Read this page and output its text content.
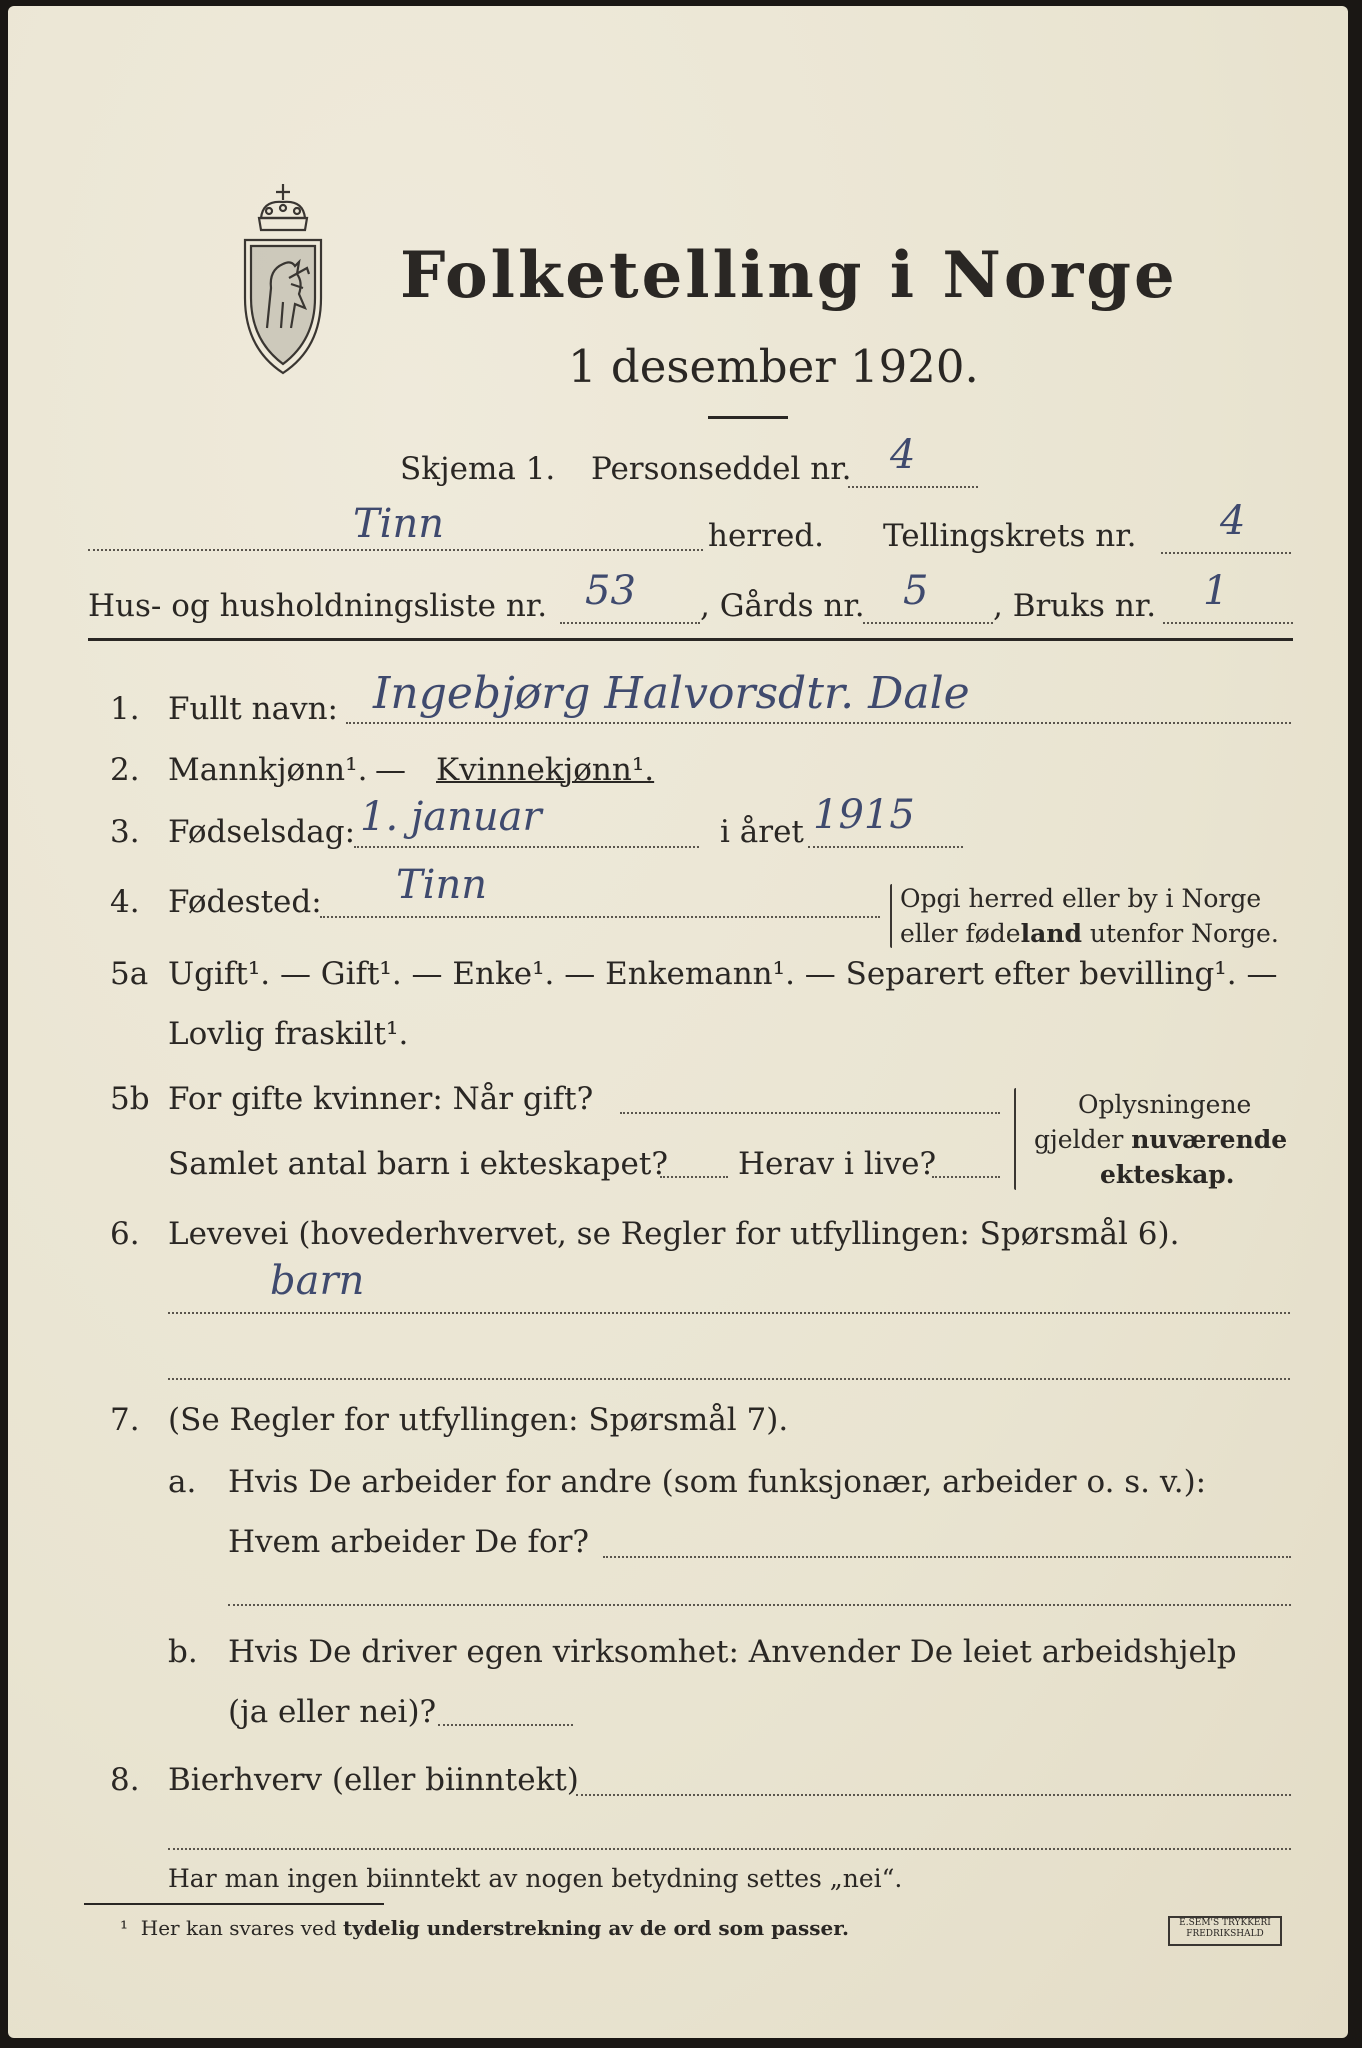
Folketelling i Norge
1 desember 1920.
Skjema 1. Personseddel nr. 4
Tinn	herred. Tellingskrets nr. 4
Hus- og husholdningsliste nr. 53 , Gårds nr. 5 , Bruks nr. 1
1. Fullt navn: Ingebjørg Halvorsdtr. Dale
2. Mannkjønn¹. — Kvinnekjønn¹.
3. Fødselsdag: 1. januar	i året 1915
4. Fødested: Tinn	Opgi herred eller by i Norge
eller fødeland utenfor Norge.
5a Ugift¹. — Gift¹. — Enke¹. — Enkemann¹. — Separert efter bevilling¹. —
Lovlig fraskilt¹.
5b For gifte kvinner: Når gift?
Samlet antal barn i ekteskapet? Herav i live?
Oplysningene
gjelder nuværende
ekteskap.
6. Levevei (hovederhvervet, se Regler for utfyllingen: Spørsmål 6).
barn
7. (Se Regler for utfyllingen: Spørsmål 7).
a. Hvis De arbeider for andre (som funksjonær, arbeider o. s. v.):
Hvem arbeider De for?
b. Hvis De driver egen virksomhet: Anvender De leiet arbeidshjelp
(ja eller nei)?
8. Bierhverv (eller biinntekt)
Har man ingen biinntekt av nogen betydning settes „nei“.
¹ Her kan svares ved tydelig understrekning av de ord som passer.	E.SEM'S TRYKKERI
FREDRIKSHALD
